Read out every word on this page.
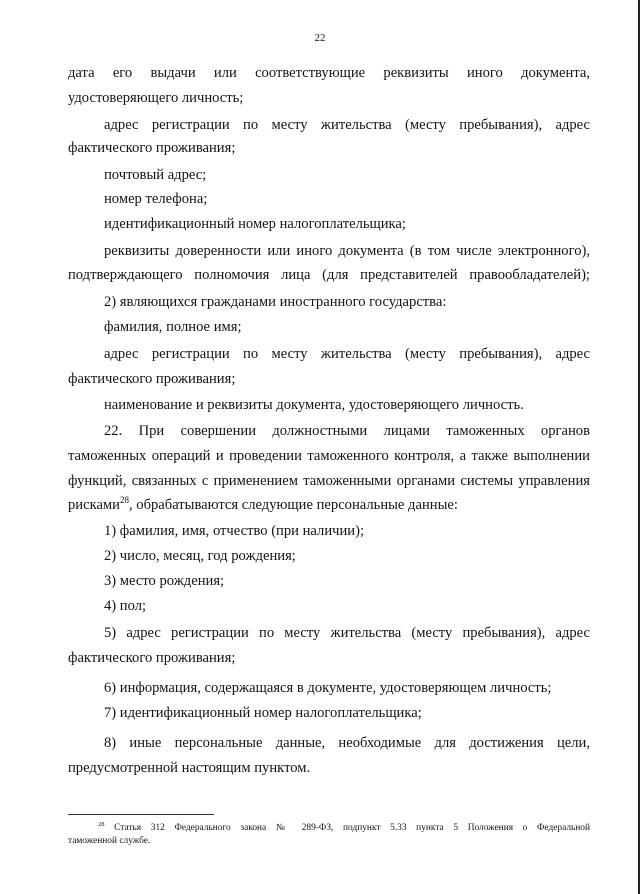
22
дата его выдачи или соответствующие реквизиты иного документа,
удостоверяющего личность;
адрес регистрации по месту жительства (месту пребывания), адрес
фактического проживания;
почтовый адрес;
номер телефона;
идентификационный номер налогоплательщика;
реквизиты доверенности или иного документа (в том числе электронного),
подтверждающего полномочия лица (для представителей правообладателей);
2) являющихся гражданами иностранного государства:
фамилия, полное имя;
адрес регистрации по месту жительства (месту пребывания), адрес
фактического проживания;
наименование и реквизиты документа, удостоверяющего личность.
22. При совершении должностными лицами таможенных органов
таможенных операций и проведении таможенного контроля, а также выполнении
функций, связанных с применением таможенными органами системы управления
рисками$^{28}$, обрабатываются следующие персональные данные:
1) фамилия, имя, отчество (при наличии);
2) число, месяц, год рождения;
3) место рождения;
4) пол;
5) адрес регистрации по месту жительства (месту пребывания), адрес
фактического проживания;
6) информация, содержащаяся в документе, удостоверяющем личность;
7) идентификационный номер налогоплательщика;
8) иные персональные данные, необходимые для достижения цели,
предусмотренной настоящим пунктом.
$^{28}$ Статья 312 Федерального закона № 289-ФЗ, подпункт 5.33 пункта 5 Положения о Федеральной
таможенной службе.
